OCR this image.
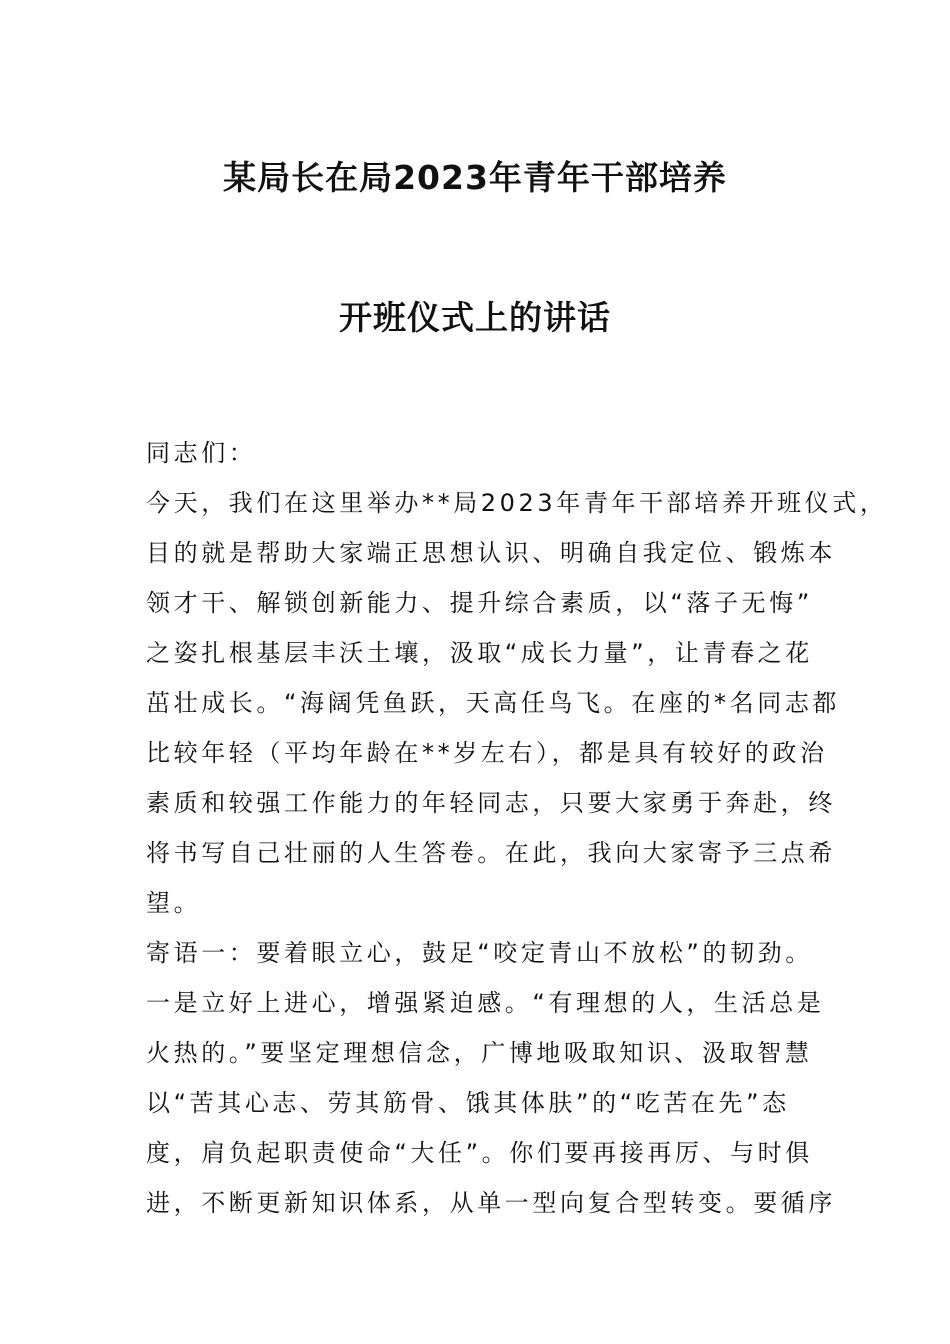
某局长在局2023年青年干部培养
开班仪式上的讲话
同志们：
今天，我们在这里举办**局2023年青年干部培养开班仪式，
目的就是帮助大家端正思想认识、明确自我定位、锻炼本
领才干、解锁创新能力、提升综合素质，以“落子无悔”
之姿扎根基层丰沃土壤，汲取“成长力量”，让青春之花
茁壮成长。“海阔凭鱼跃，天高任鸟飞。在座的*名同志都
比较年轻（平均年龄在**岁左右），都是具有较好的政治
素质和较强工作能力的年轻同志，只要大家勇于奔赴，终
将书写自己壮丽的人生答卷。在此，我向大家寄予三点希
望。
寄语一：要着眼立心，鼓足“咬定青山不放松”的韧劲。
一是立好上进心，增强紧迫感。“有理想的人，生活总是
火热的。”要坚定理想信念，广博地吸取知识、汲取智慧
以“苦其心志、劳其筋骨、饿其体肤”的“吃苦在先”态
度，肩负起职责使命“大任”。你们要再接再厉、与时俱
进，不断更新知识体系，从单一型向复合型转变。要循序
